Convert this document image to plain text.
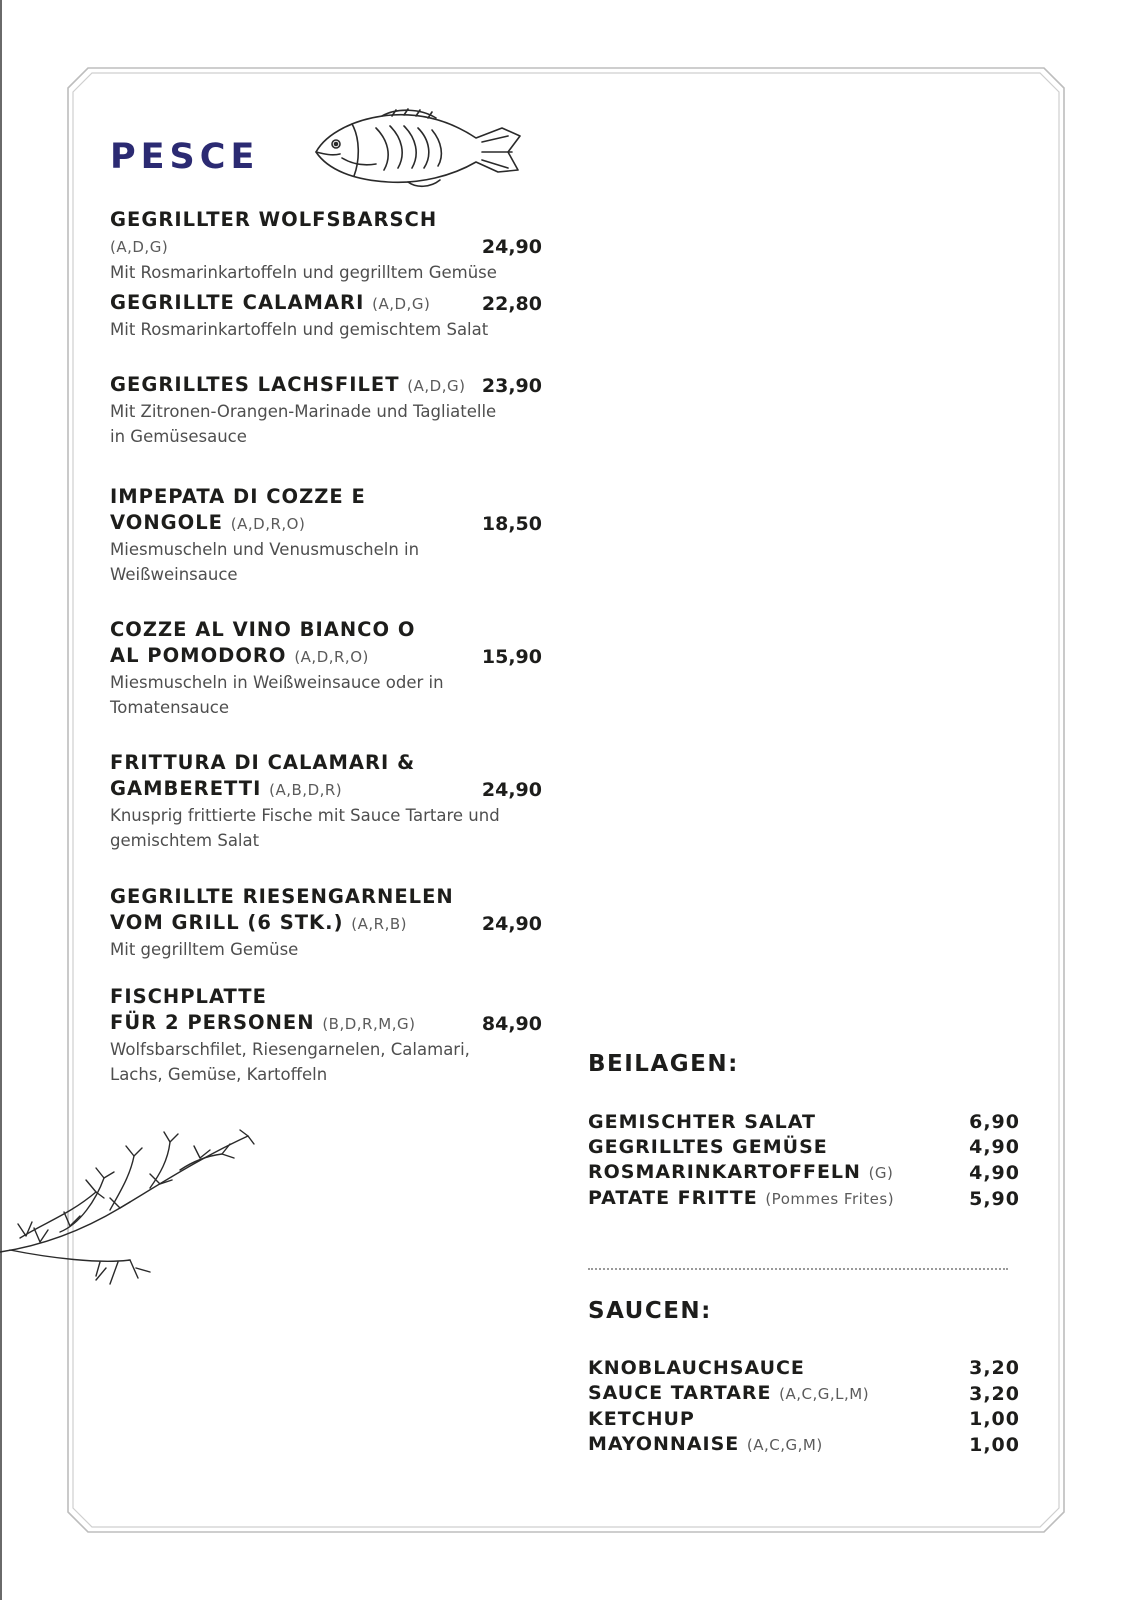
PESCE
GEGRILLTER WOLFSBARSCH (A,D,G)	24,90
Mit Rosmarinkartoffeln und gegrilltem Gemüse
GEGRILLTE CALAMARI (A,D,G)	22,80
Mit Rosmarinkartoffeln und gemischtem Salat
GEGRILLTES LACHSFILET (A,D,G) 23,90
Mit Zitronen-Orangen-Marinade und Tagliatelle
in Gemüsesauce
IMPEPATA DI COZZE E
VONGOLE (A,D,R,O)	18,50
Miesmuscheln und Venusmuscheln in
Weißweinsauce
COZZE AL VINO BIANCO O
AL POMODORO (A,D,R,O)	15,90
Miesmuscheln in Weißweinsauce oder in
Tomatensauce
FRITTURA DI CALAMARI &
GAMBERETTI (A,B,D,R)	24,90
Knusprig frittierte Fische mit Sauce Tartare und
gemischtem Salat
GEGRILLTE RIESENGARNELEN
VOM GRILL (6 STK.) (A,R,B)	24,90
Mit gegrilltem Gemüse
FISCHPLATTE
FÜR 2 PERSONEN (B,D,R,M,G)	84,90
Wolfsbarschfilet, Riesengarnelen, Calamari,
Lachs, Gemüse, Kartoffeln	BEILAGEN:
GEMISCHTER SALAT	6,90
GEGRILLTES GEMÜSE	4,90
ROSMARINKARTOFFELN (G)	4,90
PATATE FRITTE (Pommes Frites)	5,90
SAUCEN:
KNOBLAUCHSAUCE	3,20
SAUCE TARTARE (A,C,G,L,M)	3,20
KETCHUP	1,00
MAYONNAISE (A,C,G,M)	1,00
